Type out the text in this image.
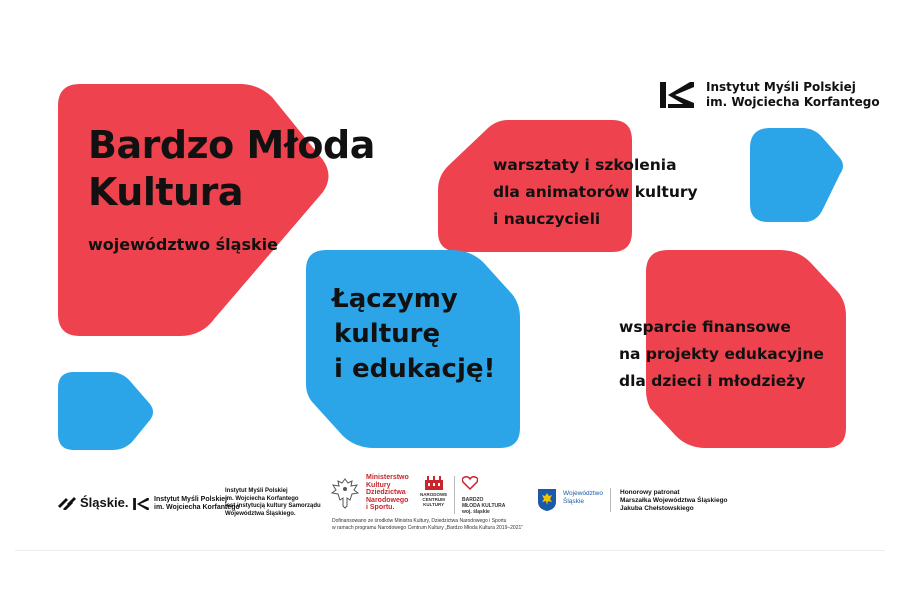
Bardzo Młoda
Kultura
województwo śląskie
Łączymy
kulturę
i edukację!
warsztaty i szkolenia
dla animatorów kultury
i nauczycieli
wsparcie finansowe
na projekty edukacyjne
dla dzieci i młodzieży
Instytut Myśli Polskiej
im. Wojciecha Korfantego
Śląskie.	Instytut Myśli Polskiej
im. Wojciecha Korfantego
Instytut Myśli Polskiej
im. Wojciecha Korfantego
jest instytucją kultury Samorządu
Województwa Śląskiego.
Ministerstwo
Kultury
Dziedzictwa
Narodowego
i Sportu.
NARODOWE
CENTRUM
KULTURY
BARDZO
MŁODA KULTURA
woj. śląskie
Dofinansowano ze środków Ministra Kultury, Dziedzictwa Narodowego i Sportu
w ramach programu Narodowego Centrum Kultury „Bardzo Młoda Kultura 2019–2021”
Województwo
Śląskie
Honorowy patronat
Marszałka Województwa Śląskiego
Jakuba Chełstowskiego
